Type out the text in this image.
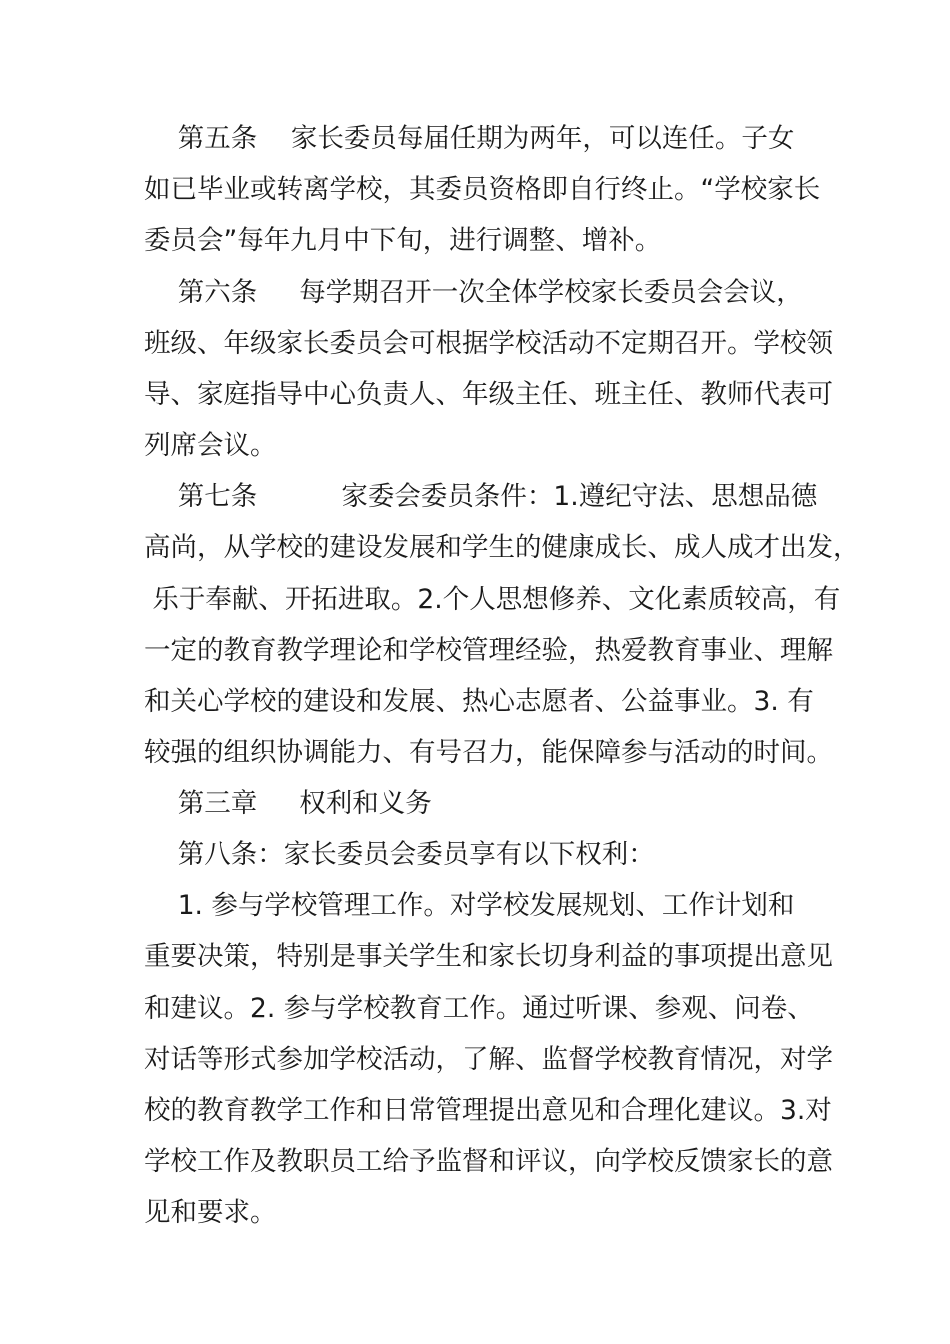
第五条    家长委员每届任期为两年，可以连任。子女
如已毕业或转离学校，其委员资格即自行终止。“学校家长
委员会”每年九月中下旬，进行调整、增补。
第六条     每学期召开一次全体学校家长委员会会议，
班级、年级家长委员会可根据学校活动不定期召开。学校领
导、家庭指导中心负责人、年级主任、班主任、教师代表可
列席会议。
第七条          家委会委员条件：1.遵纪守法、思想品德
高尚，从学校的建设发展和学生的健康成长、成人成才出发，
乐于奉献、开拓进取。2.个人思想修养、文化素质较高，有
一定的教育教学理论和学校管理经验，热爱教育事业、理解
和关心学校的建设和发展、热心志愿者、公益事业。3. 有
较强的组织协调能力、有号召力，能保障参与活动的时间。
第三章     权利和义务
第八条：家长委员会委员享有以下权利：
1. 参与学校管理工作。对学校发展规划、工作计划和
重要决策，特别是事关学生和家长切身利益的事项提出意见
和建议。2. 参与学校教育工作。通过听课、参观、问卷、
对话等形式参加学校活动，了解、监督学校教育情况，对学
校的教育教学工作和日常管理提出意见和合理化建议。3.对
学校工作及教职员工给予监督和评议，向学校反馈家长的意
见和要求。
